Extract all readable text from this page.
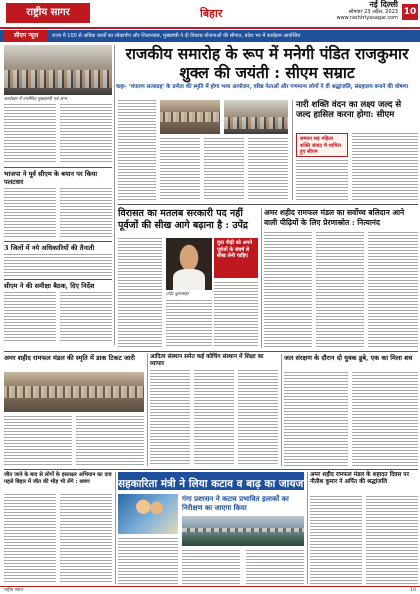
राष्ट्रीय सागर	बिहार
नई दिल्ली
सोमवार 23 अप्रैल, 2023
www.rashtriyasagar.com
10
सीएम न्यूज	राज्य में 100 से अधिक कार्यों का लोकार्पण और शिलान्यास, मुख्यमंत्री ने दी विकास योजनाओं की सौगात, प्रदेश भर में कार्यक्रम आयोजित
कार्यक्रम में उपस्थित मुख्यमंत्री एवं अन्य
भाजपा ने पूर्व सीएम के बयान पर किया पलटवार
3 जिलों में नये अधिकारियों की तैनाती
सीएम ने की समीक्षा बैठक, दिए निर्देश
राजकीय समारोह के रूप में मनेगी पंडित राजकुमार शुक्ल की जयंती : सीएम सम्राट
कहा- 'चंपारण सत्याग्रह' के प्रणेता की स्मृति में होगा भव्य आयोजन, वरिष्ठ नेताओं और गणमान्य लोगों ने दी श्रद्धांजलि, संग्रहालय बनाने की घोषणा
नारी शक्ति वंदन का लक्ष्य जल्द से जल्द हासिल करना होगा: सीएम
सम्मान सह महिला शक्ति संवाद में शामिल हुए सीएम
विरासत का मतलब सरकारी पद नहीं पूर्वजों की सीख आगे बढ़ाना है : उपेंद्र
उपेंद्र कुशवाहा
युवा पीढ़ी को अपने पूर्वजों के संघर्ष से सीख लेनी चाहिए
अमर शहीद रामफल मंडल का सर्वोच्च बलिदान आने वाली पीढ़ियों के लिए प्रेरणास्रोत : नित्यानंद
अमर शहीद रामफल मंडल की स्मृति में डाक टिकट जारी	आदित्य संस्थान समेत कई कोचिंग संस्थान में शिक्षा का व्यापार
जल संरक्षण के दौरान दो युवक डूबे, एक का मिला शव
जीत जाने के बाद से लोगों के हस्ताक्षर अभियान का दाव पहले बिहार में जीत की भीड़ भी लेंगे : श्रवण	सहकारिता मंत्री ने लिया कटाव व बाढ़ का जायजा
गंगा प्रशासन ने कटाव प्रभावित इलाकों का निरीक्षण का जाएगा किया
अमर शहीद रामफल मंडल के शहादत दिवस पर नीतीश कुमार ने अर्पित की श्रद्धांजलि
राष्ट्रीय सागर	10
